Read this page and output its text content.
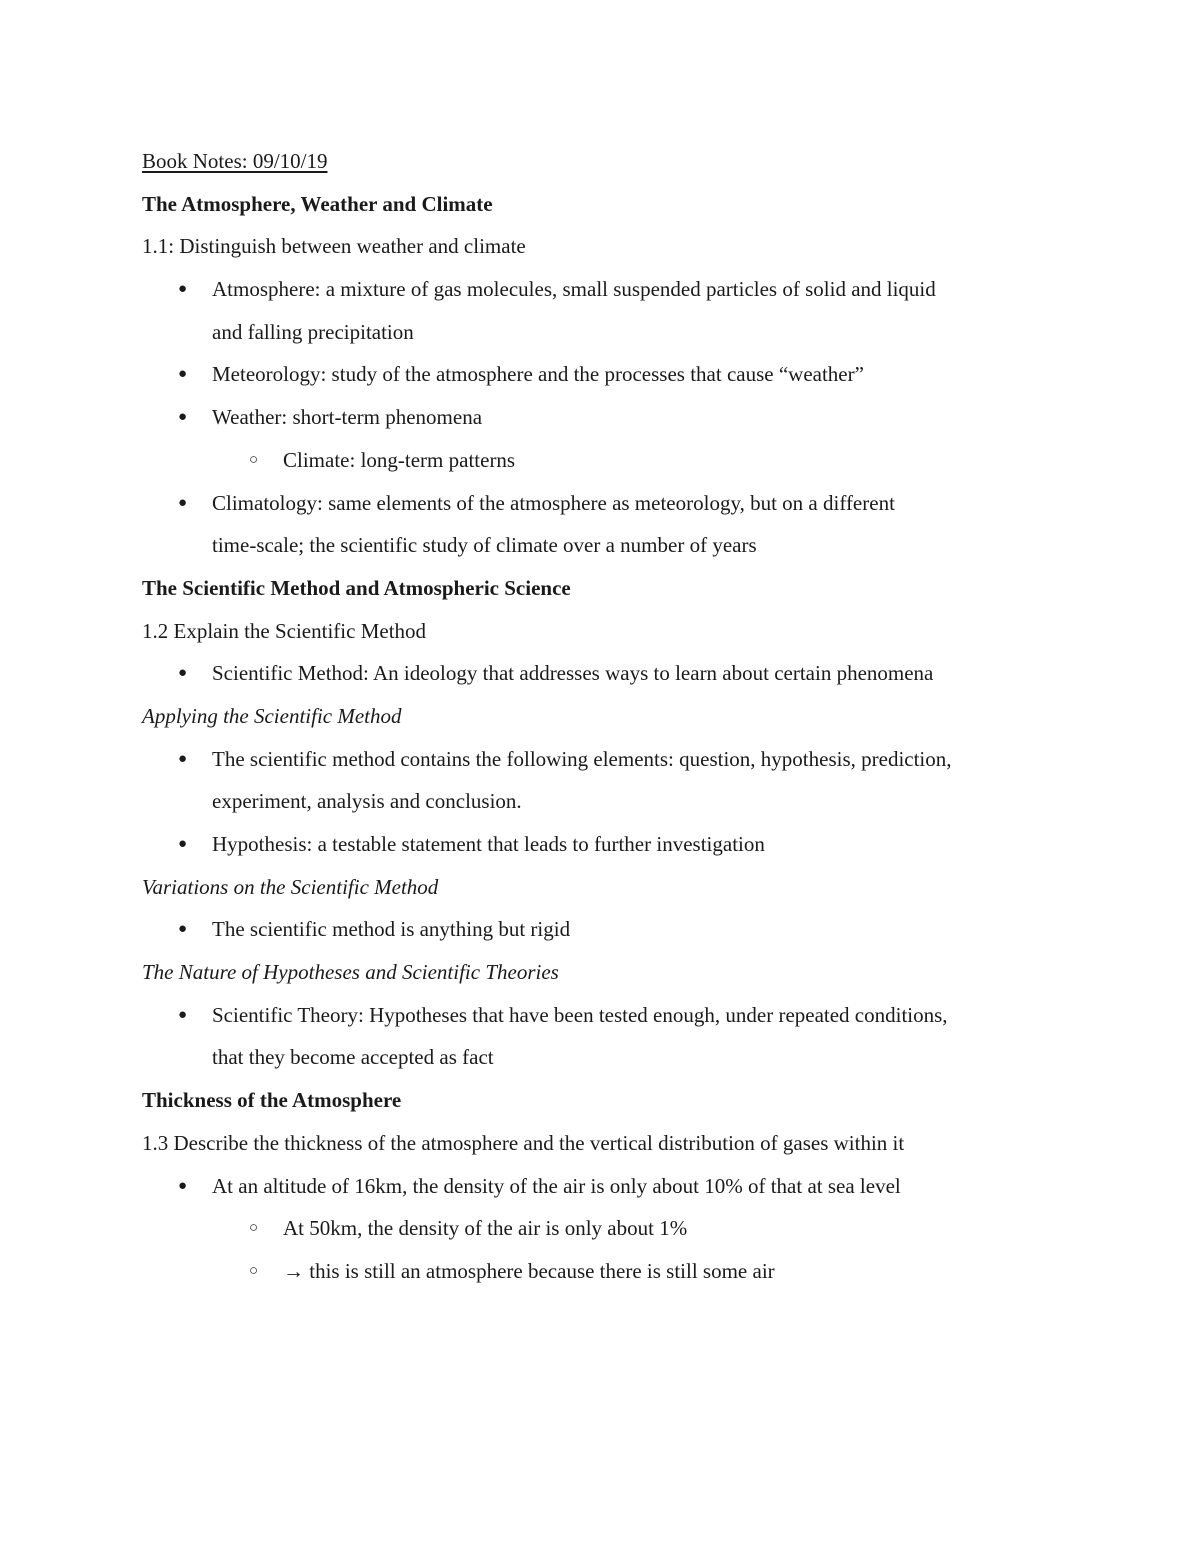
Book Notes: 09/10/19
The Atmosphere, Weather and Climate
1.1: Distinguish between weather and climate
● Atmosphere: a mixture of gas molecules, small suspended particles of solid and liquid
and falling precipitation
● Meteorology: study of the atmosphere and the processes that cause “weather”
● Weather: short-term phenomena
○ Climate: long-term patterns
● Climatology: same elements of the atmosphere as meteorology, but on a different
time-scale; the scientific study of climate over a number of years
The Scientific Method and Atmospheric Science
1.2 Explain the Scientific Method
● Scientific Method: An ideology that addresses ways to learn about certain phenomena
Applying the Scientific Method
● The scientific method contains the following elements: question, hypothesis, prediction,
experiment, analysis and conclusion.
● Hypothesis: a testable statement that leads to further investigation
Variations on the Scientific Method
● The scientific method is anything but rigid
The Nature of Hypotheses and Scientific Theories
● Scientific Theory: Hypotheses that have been tested enough, under repeated conditions,
that they become accepted as fact
Thickness of the Atmosphere
1.3 Describe the thickness of the atmosphere and the vertical distribution of gases within it
● At an altitude of 16km, the density of the air is only about 10% of that at sea level
○ At 50km, the density of the air is only about 1%
○ → this is still an atmosphere because there is still some air
